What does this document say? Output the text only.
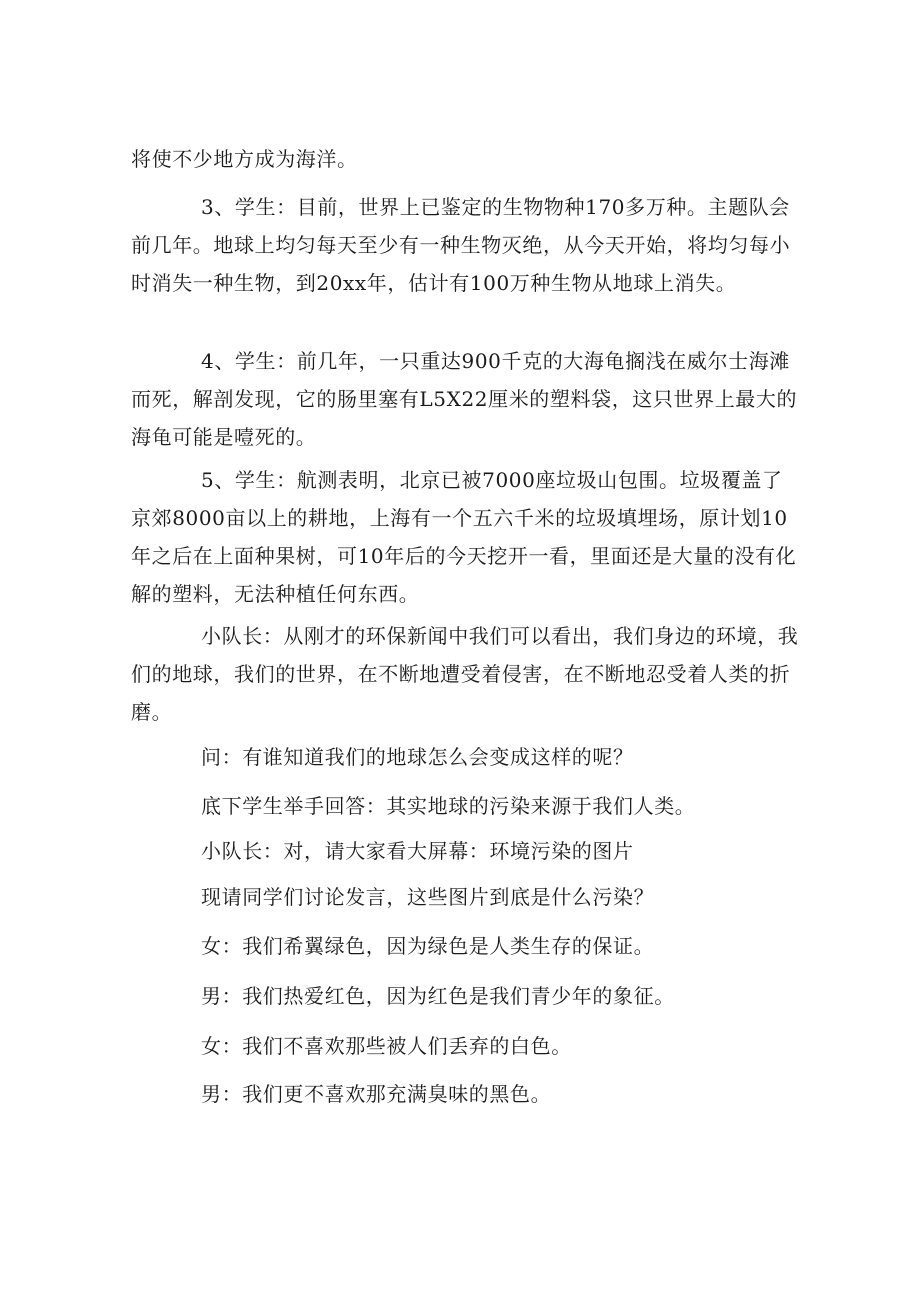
将使不少地方成为海洋。

3、学生：目前，世界上已鉴定的生物物种170多万种。主题队会前几年。地球上均匀每天至少有一种生物灭绝，从今天开始，将均匀每小时消失一种生物，到20xx年，估计有100万种生物从地球上消失。

4、学生：前几年，一只重达900千克的大海龟搁浅在威尔士海滩而死，解剖发现，它的肠里塞有L5X22厘米的塑料袋，这只世界上最大的海龟可能是噎死的。

5、学生：航测表明，北京已被7000座垃圾山包围。垃圾覆盖了京郊8000亩以上的耕地，上海有一个五六千米的垃圾填埋场，原计划10年之后在上面种果树，可10年后的今天挖开一看，里面还是大量的没有化解的塑料，无法种植任何东西。

小队长：从刚才的环保新闻中我们可以看出，我们身边的环境，我们的地球，我们的世界，在不断地遭受着侵害，在不断地忍受着人类的折磨。

问：有谁知道我们的地球怎么会变成这样的呢？

底下学生举手回答：其实地球的污染来源于我们人类。

小队长：对，请大家看大屏幕：环境污染的图片

现请同学们讨论发言，这些图片到底是什么污染？

女：我们希翼绿色，因为绿色是人类生存的保证。

男：我们热爱红色，因为红色是我们青少年的象征。

女：我们不喜欢那些被人们丢弃的白色。

男：我们更不喜欢那充满臭味的黑色。
